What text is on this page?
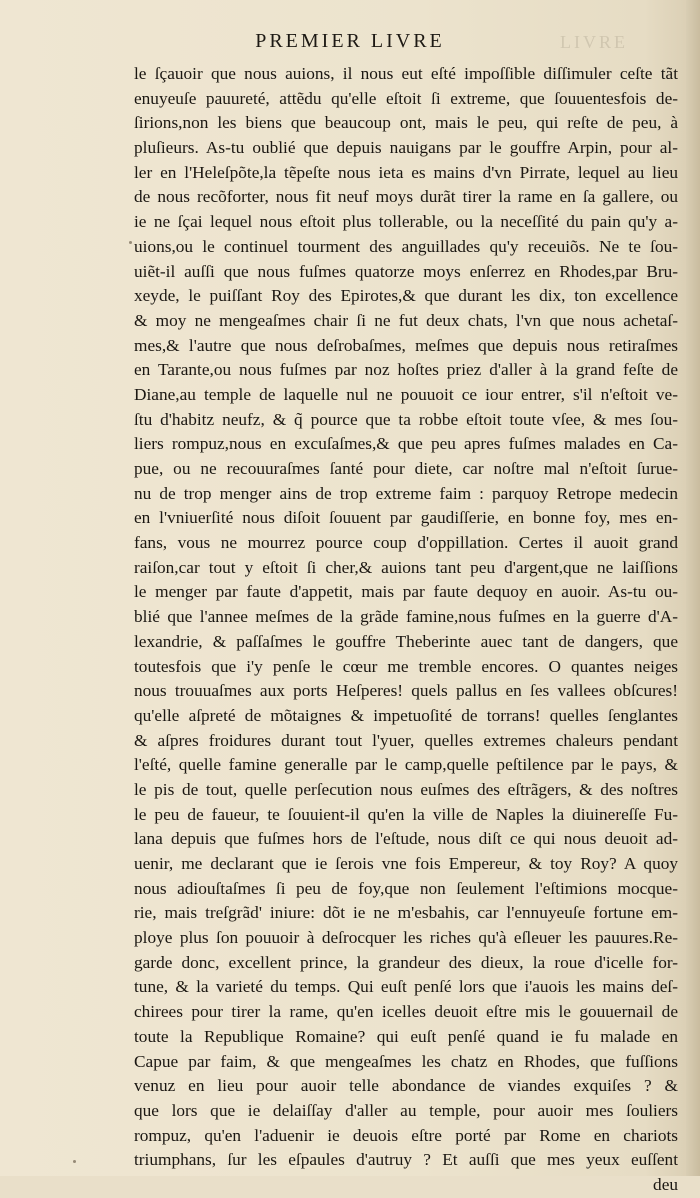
LIVRE
PREMIER LIVRE
le ſçauoir que nous auions, il nous eut eſté impoſſible diſſimuler ceſte tãt
enuyeuſe pauureté, attẽdu qu'elle eſtoit ſi extreme, que ſouuentesfois de-
ſirions,non les biens que beaucoup ont, mais le peu, qui reſte de peu, à
pluſieurs. As-tu oublié que depuis nauigans par le gouffre Arpin, pour al-
ler en l'Heleſpõte,la tẽpeſte nous ieta es mains d'vn Pirrate, lequel au lieu
de nous recõforter, nous fit neuf moys durãt tirer la rame en ſa gallere, ou
ie ne ſçai lequel nous eſtoit plus tollerable, ou la neceſſité du pain qu'y a-
uions,ou le continuel tourment des anguillades qu'y receuiõs. Ne te ſou-
uiẽt-il auſſi que nous fuſmes quatorze moys enſerrez en Rhodes,par Bru-
xeyde, le puiſſant Roy des Epirotes,& que durant les dix, ton excellence
& moy ne mengeaſmes chair ſi ne fut deux chats, l'vn que nous achetaſ-
mes,& l'autre que nous deſrobaſmes, meſmes que depuis nous retiraſmes
en Tarante,ou nous fuſmes par noz hoſtes priez d'aller à la grand feſte de
Diane,au temple de laquelle nul ne pouuoit ce iour entrer, s'il n'eſtoit ve-
ſtu d'habitz neufz, & q̃ pource que ta robbe eſtoit toute vſee, & mes ſou-
liers rompuz,nous en excuſaſmes,& que peu apres fuſmes malades en Ca-
pue, ou ne recouuraſmes ſanté pour diete, car noſtre mal n'eſtoit ſurue-
nu de trop menger ains de trop extreme faim : parquoy Retrope medecin
en l'vniuerſité nous diſoit ſouuent par gaudiſſerie, en bonne foy, mes en-
fans, vous ne mourrez pource coup d'oppillation. Certes il auoit grand
raiſon,car tout y eſtoit ſi cher,& auions tant peu d'argent,que ne laiſſions
le menger par faute d'appetit, mais par faute dequoy en auoir. As-tu ou-
blié que l'annee meſmes de la grãde famine,nous fuſmes en la guerre d'A-
lexandrie, & paſſaſmes le gouffre Theberinte auec tant de dangers, que
toutesfois que i'y penſe le cœur me tremble encores. O quantes neiges
nous trouuaſmes aux ports Heſperes! quels pallus en ſes vallees obſcures!
qu'elle aſpreté de mõtaignes & impetuoſité de torrans! quelles ſenglantes
& aſpres froidures durant tout l'yuer, quelles extremes chaleurs pendant
l'eſté, quelle famine generalle par le camp,quelle peſtilence par le pays, &
le pis de tout, quelle perſecution nous euſmes des eſtrãgers, & des noſtres
le peu de faueur, te ſouuient-il qu'en la ville de Naples la diuinereſſe Fu-
lana depuis que fuſmes hors de l'eſtude, nous diſt ce qui nous deuoit ad-
uenir, me declarant que ie ſerois vne fois Empereur, & toy Roy? A quoy
nous adiouſtaſmes ſi peu de foy,que non ſeulement l'eſtimions mocque-
rie, mais treſgrãd' iniure: dõt ie ne m'esbahis, car l'ennuyeuſe fortune em-
ploye plus ſon pouuoir à deſrocquer les riches qu'à eſleuer les pauures.Re-
garde donc, excellent prince, la grandeur des dieux, la roue d'icelle for-
tune, & la varieté du temps. Qui euſt penſé lors que i'auois les mains deſ-
chirees pour tirer la rame, qu'en icelles deuoit eſtre mis le gouuernail de
toute la Republique Romaine? qui euſt penſé quand ie fu malade en
Capue par faim, & que mengeaſmes les chatz en Rhodes, que fuſſions
venuz en lieu pour auoir telle abondance de viandes exquiſes ? &
que lors que ie delaiſſay d'aller au temple, pour auoir mes ſouliers
rompuz, qu'en l'aduenir ie deuois eſtre porté par Rome en chariots
triumphans, ſur les eſpaules d'autruy ? Et auſſi que mes yeux euſſent
deu
